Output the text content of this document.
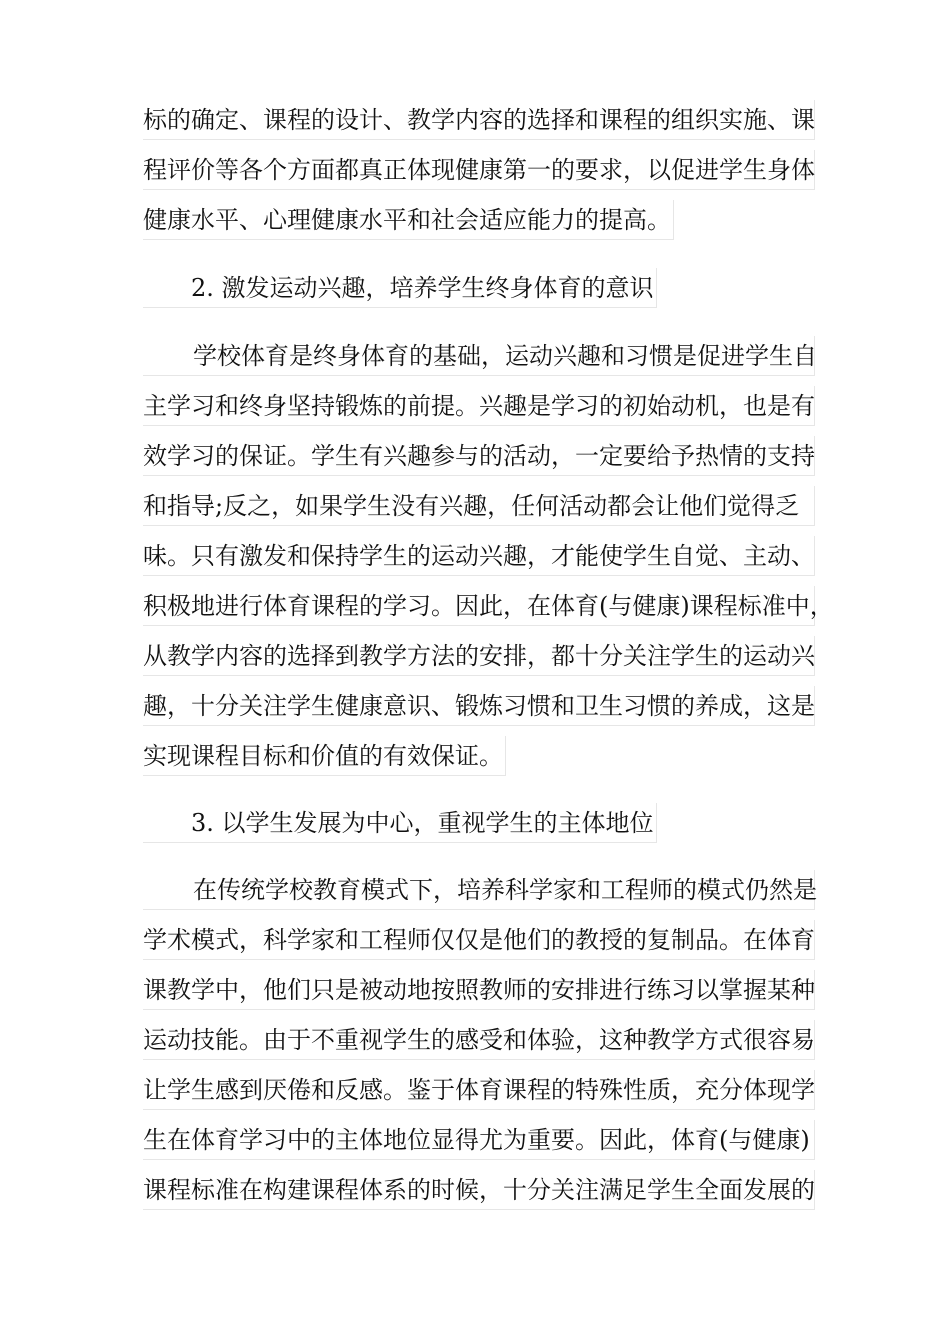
标的确定、课程的设计、教学内容的选择和课程的组织实施、课
程评价等各个方面都真正体现健康第一的要求，以促进学生身体
健康水平、心理健康水平和社会适应能力的提高。
2. 激发运动兴趣，培养学生终身体育的意识
学校体育是终身体育的基础，运动兴趣和习惯是促进学生自
主学习和终身坚持锻炼的前提。兴趣是学习的初始动机，也是有
效学习的保证。学生有兴趣参与的活动，一定要给予热情的支持
和指导;反之，如果学生没有兴趣，任何活动都会让他们觉得乏
味。只有激发和保持学生的运动兴趣，才能使学生自觉、主动、
积极地进行体育课程的学习。因此，在体育(与健康)课程标准中，
从教学内容的选择到教学方法的安排，都十分关注学生的运动兴
趣，十分关注学生健康意识、锻炼习惯和卫生习惯的养成，这是
实现课程目标和价值的有效保证。
3. 以学生发展为中心，重视学生的主体地位
在传统学校教育模式下，培养科学家和工程师的模式仍然是
学术模式，科学家和工程师仅仅是他们的教授的复制品。在体育
课教学中，他们只是被动地按照教师的安排进行练习以掌握某种
运动技能。由于不重视学生的感受和体验，这种教学方式很容易
让学生感到厌倦和反感。鉴于体育课程的特殊性质，充分体现学
生在体育学习中的主体地位显得尤为重要。因此，体育(与健康)
课程标准在构建课程体系的时候，十分关注满足学生全面发展的
